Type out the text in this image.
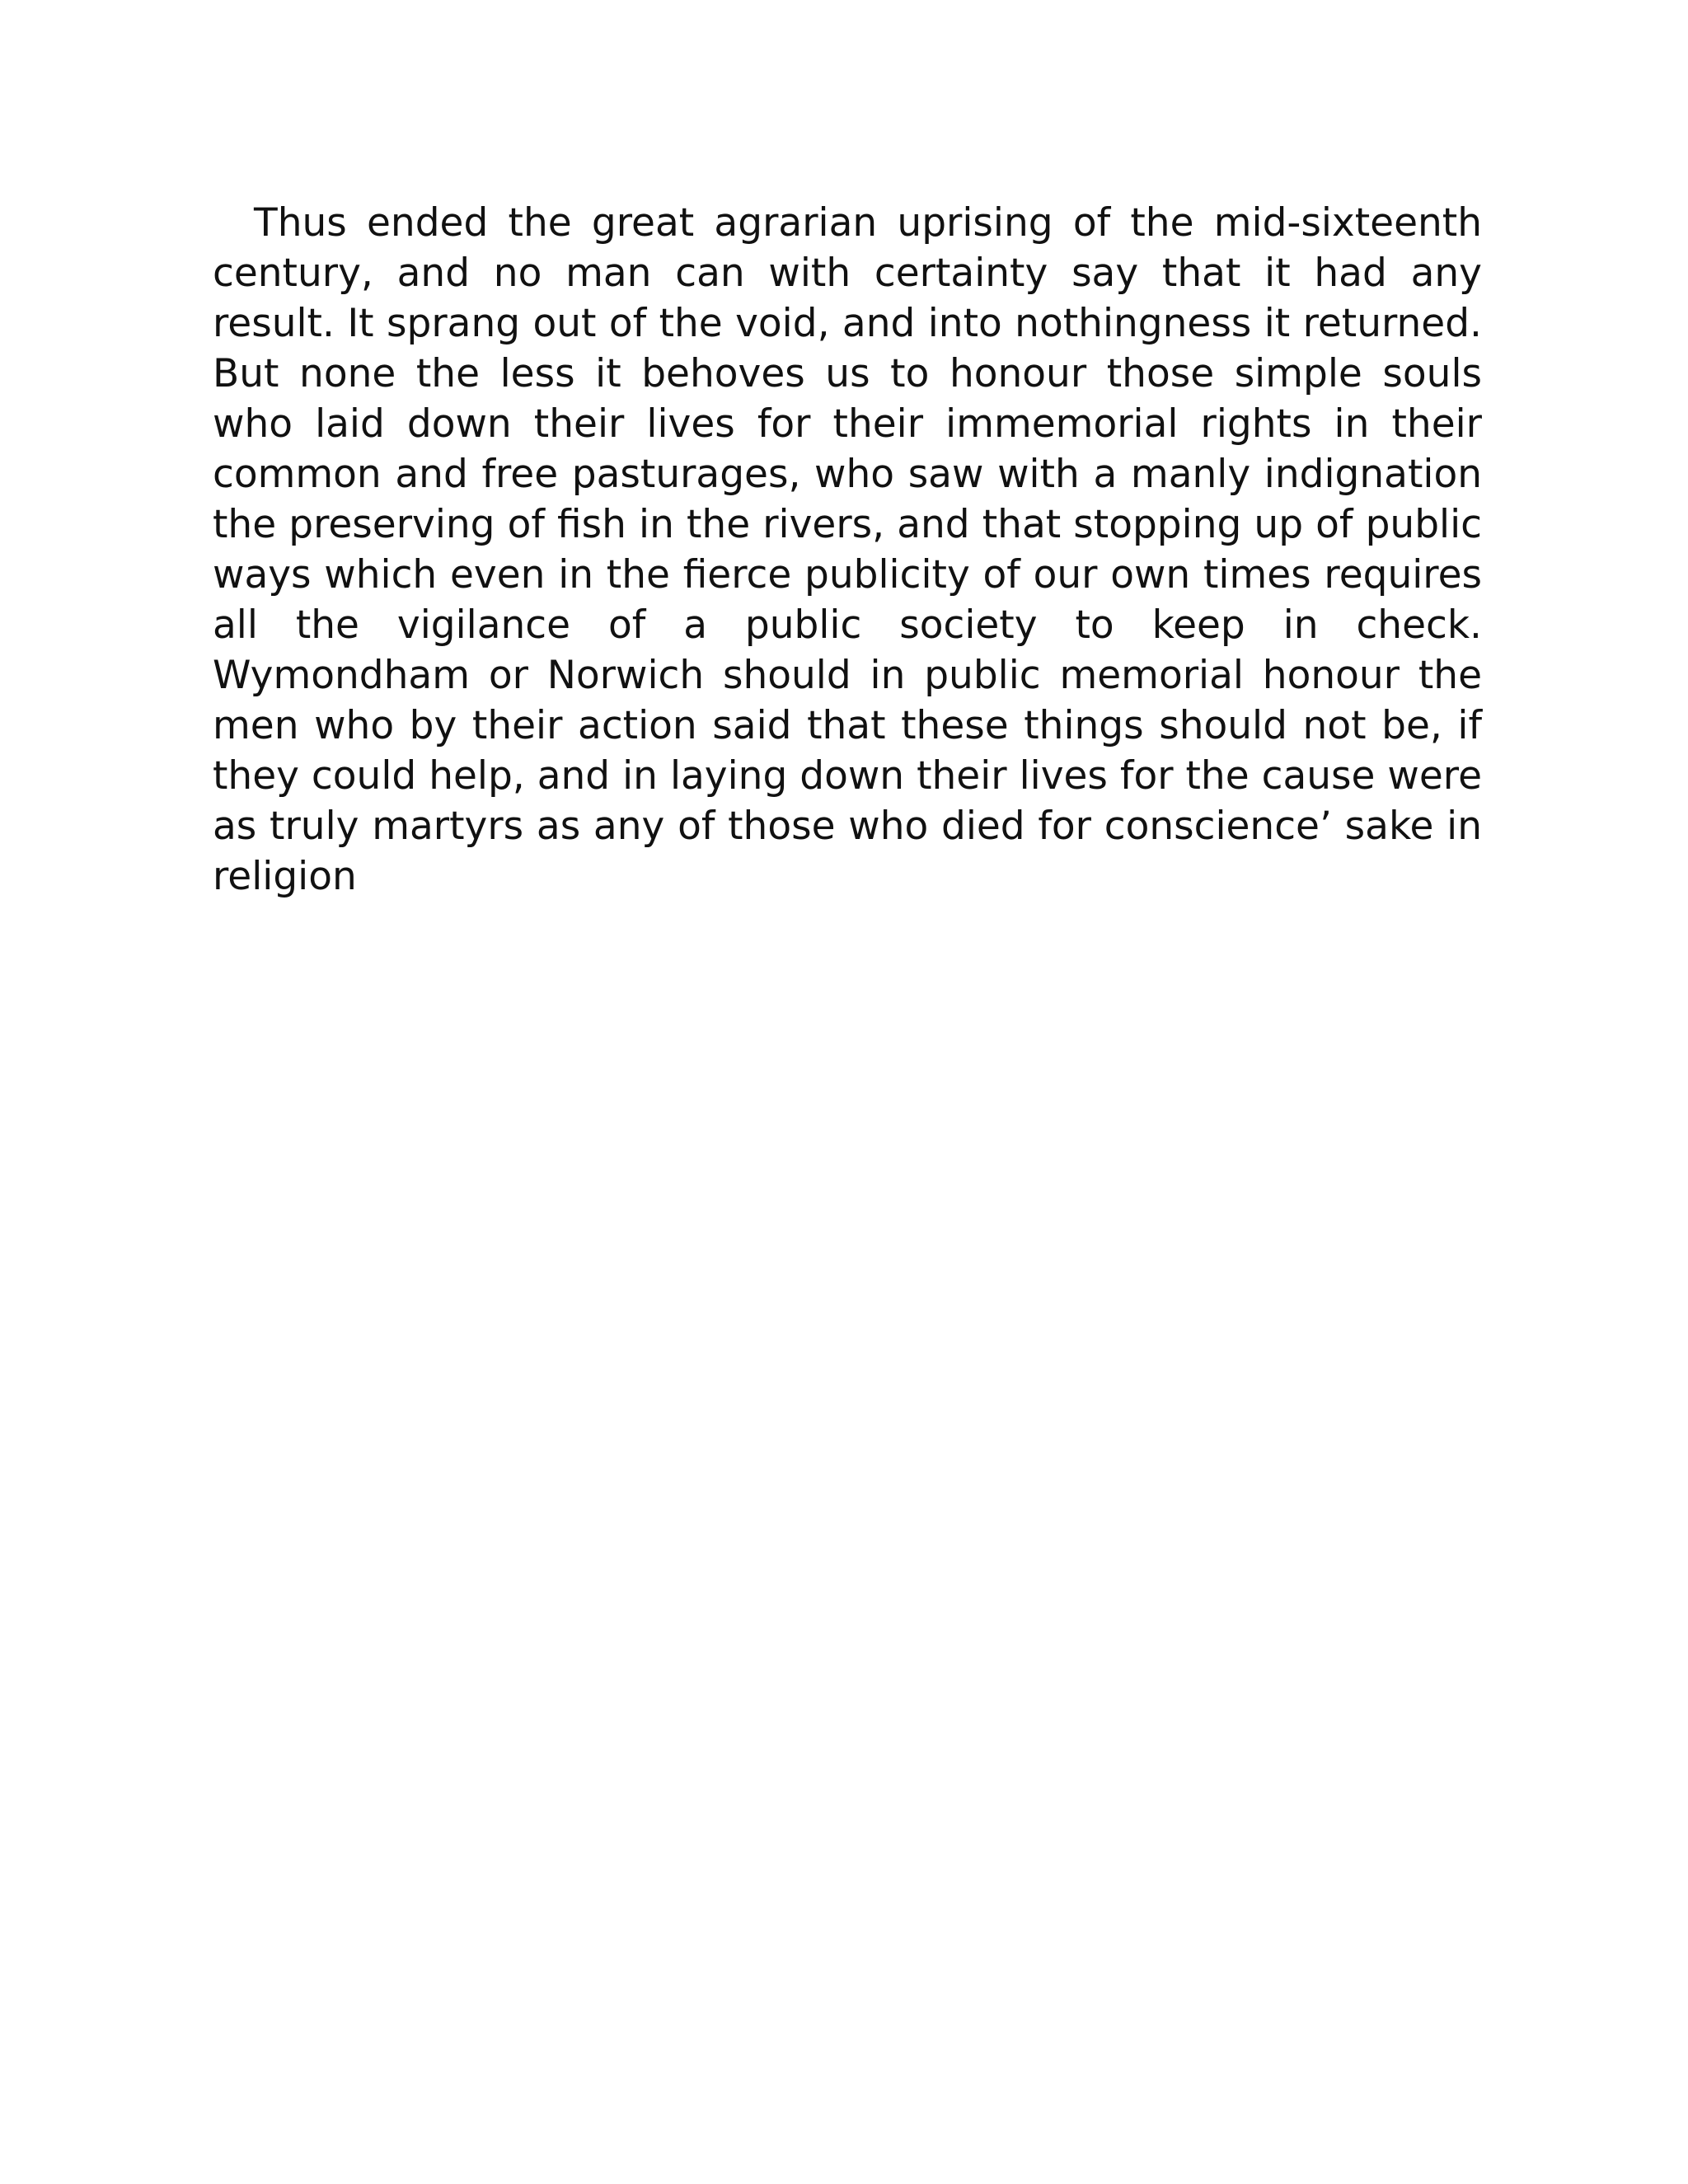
Thus ended the great agrarian uprising of the mid-sixteenth century, and no man can with certainty say that it had any result. It sprang out of the void, and into nothingness it returned. But none the less it behoves us to honour those simple souls who laid down their lives for their immemorial rights in their common and free pasturages, who saw with a manly indignation the preserving of fish in the rivers, and that stopping up of public ways which even in the fierce publicity of our own times requires all the vigilance of a public society to keep in check. Wymondham or Norwich should in public memorial honour the men who by their action said that these things should not be, if they could help, and in laying down their lives for the cause were as truly martyrs as any of those who died for conscience’ sake in religion
